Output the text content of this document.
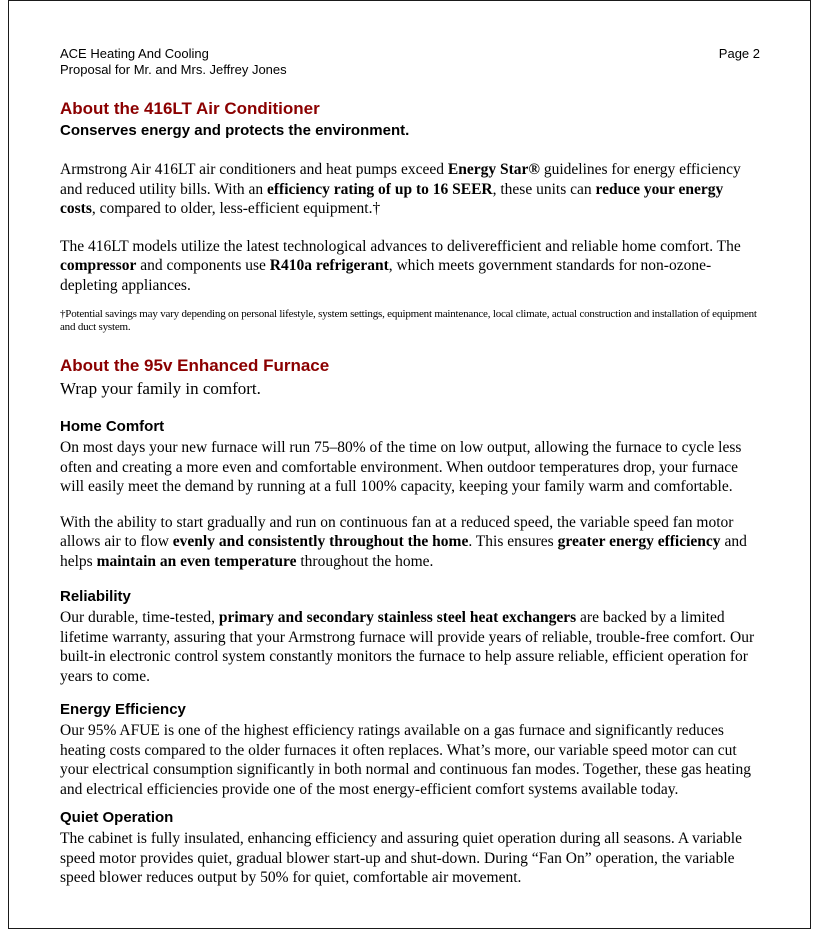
ACE Heating And Cooling
Proposal for Mr. and Mrs. Jeffrey Jones
Page 2
About the 416LT Air Conditioner
Conserves energy and protects the environment.

Armstrong Air 416LT air conditioners and heat pumps exceed Energy Star® guidelines for energy efficiency and reduced utility bills. With an efficiency rating of up to 16 SEER, these units can reduce your energy costs, compared to older, less-efficient equipment.†

The 416LT models utilize the latest technological advances to deliverefficient and reliable home comfort. The compressor and components use R410a refrigerant, which meets government standards for non-ozone-depleting appliances.

†Potential savings may vary depending on personal lifestyle, system settings, equipment maintenance, local climate, actual construction and installation of equipment and duct system.
About the 95v Enhanced Furnace
Wrap your family in comfort.
Home Comfort

On most days your new furnace will run 75–80% of the time on low output, allowing the furnace to cycle less often and creating a more even and comfortable environment. When outdoor temperatures drop, your furnace will easily meet the demand by running at a full 100% capacity, keeping your family warm and comfortable.

With the ability to start gradually and run on continuous fan at a reduced speed, the variable speed fan motor allows air to flow evenly and consistently throughout the home. This ensures greater energy efficiency and helps maintain an even temperature throughout the home.

Reliability

Our durable, time-tested, primary and secondary stainless steel heat exchangers are backed by a limited lifetime warranty, assuring that your Armstrong furnace will provide years of reliable, trouble-free comfort. Our built-in electronic control system constantly monitors the furnace to help assure reliable, efficient operation for years to come.

Energy Efficiency

Our 95% AFUE is one of the highest efficiency ratings available on a gas furnace and significantly reduces heating costs compared to the older furnaces it often replaces. What’s more, our variable speed motor can cut your electrical consumption significantly in both normal and continuous fan modes. Together, these gas heating and electrical efficiencies provide one of the most energy-efficient comfort systems available today.

Quiet Operation

The cabinet is fully insulated, enhancing efficiency and assuring quiet operation during all seasons. A variable speed motor provides quiet, gradual blower start-up and shut-down. During “Fan On” operation, the variable speed blower reduces output by 50% for quiet, comfortable air movement.
